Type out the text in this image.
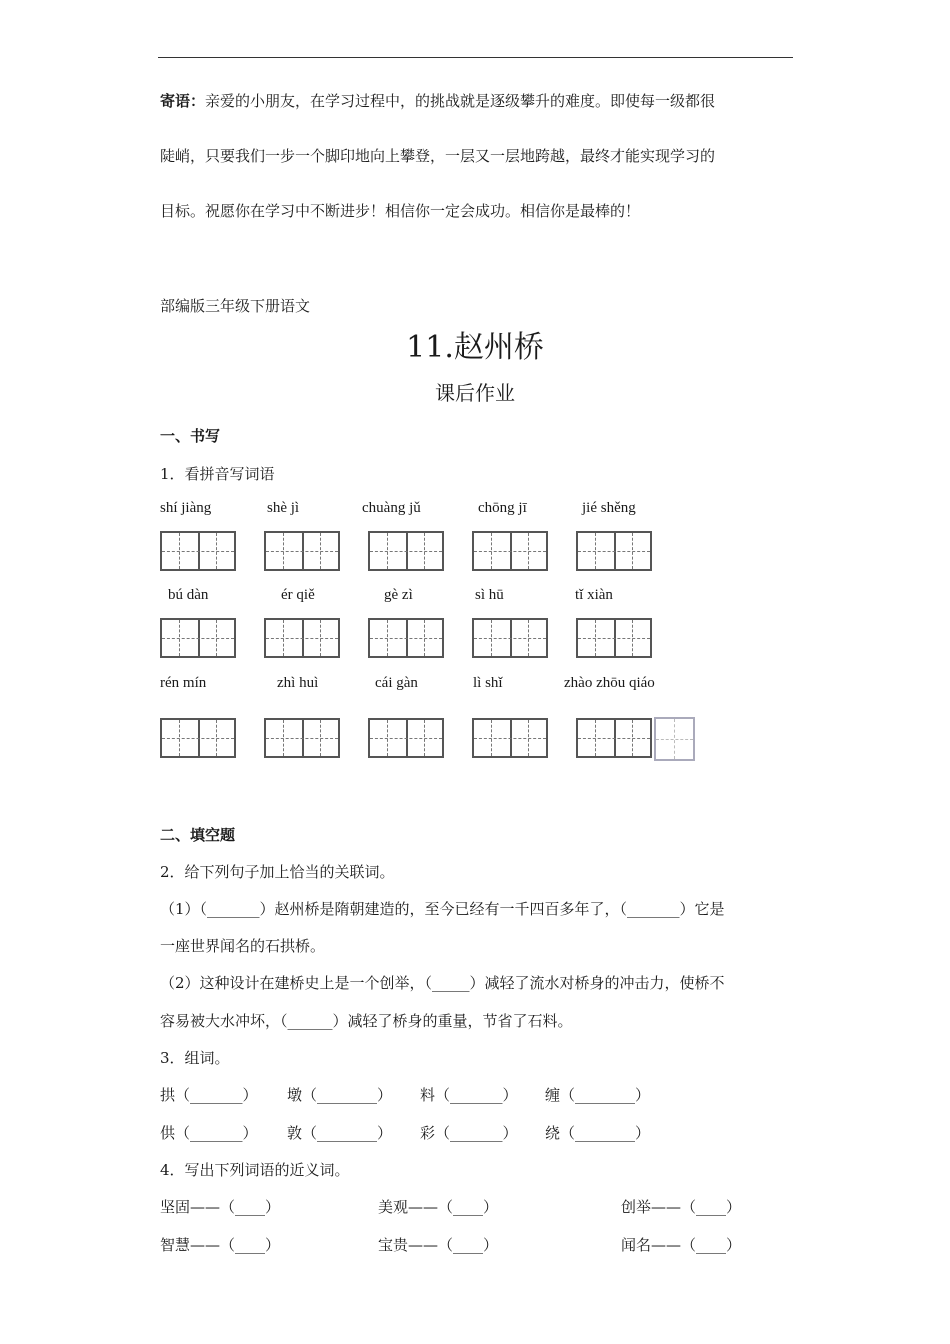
寄语：亲爱的小朋友，在学习过程中，的挑战就是逐级攀升的难度。即使每一级都很
陡峭，只要我们一步一个脚印地向上攀登，一层又一层地跨越，最终才能实现学习的
目标。祝愿你在学习中不断进步！相信你一定会成功。相信你是最棒的！
部编版三年级下册语文
11.赵州桥
课后作业
一、书写
1．看拼音写词语
shí jiàng	shè jì	chuàng jǔ	chōng jī	jié shěng
bú dàn	ér qiě	gè zì	sì hū	tǐ xiàn
rén mín	zhì huì	cái gàn	lì shǐ	zhào zhōu qiáo
二、填空题
2．给下列句子加上恰当的关联词。
（1）（_______）赵州桥是隋朝建造的，至今已经有一千四百多年了，（_______）它是
一座世界闻名的石拱桥。
（2）这种设计在建桥史上是一个创举，（_____）减轻了流水对桥身的冲击力，使桥不
容易被大水冲坏，（______）减轻了桥身的重量，节省了石料。
3．组词。
拱（_______） 墩（________） 料（_______） 缠（________）
供（_______） 敦（________） 彩（_______） 绕（________）
4．写出下列词语的近义词。
坚固——（____）	美观——（____）	创举——（____）
智慧——（____）	宝贵——（____）	闻名——（____）
